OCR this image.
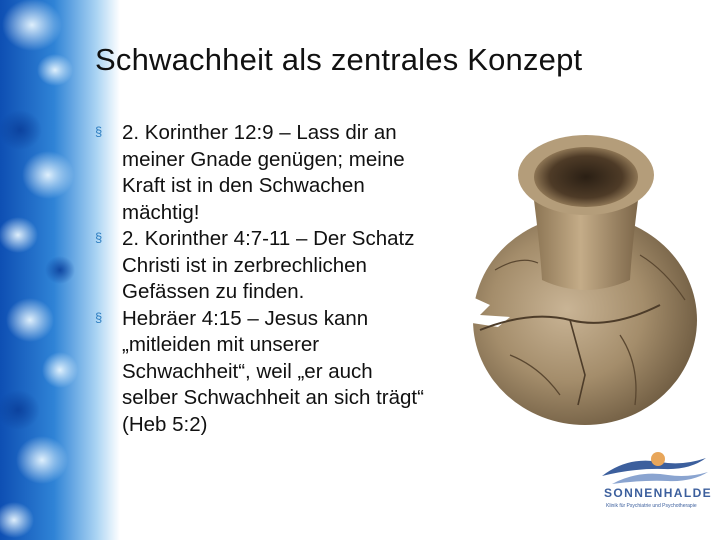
Schwachheit als zentrales Konzept
§ 2. Korinther 12:9 – Lass dir an meiner Gnade genügen; meine Kraft ist in den Schwachen mächtig!
§ 2. Korinther 4:7-11 – Der Schatz Christi ist in zerbrechlichen Gefässen zu finden.
§ Hebräer 4:15 – Jesus kann „mitleiden mit unserer Schwachheit“, weil „er auch selber Schwachheit an sich trägt“ (Heb 5:2)
SONNENHALDE
Klinik für Psychiatrie und Psychotherapie
